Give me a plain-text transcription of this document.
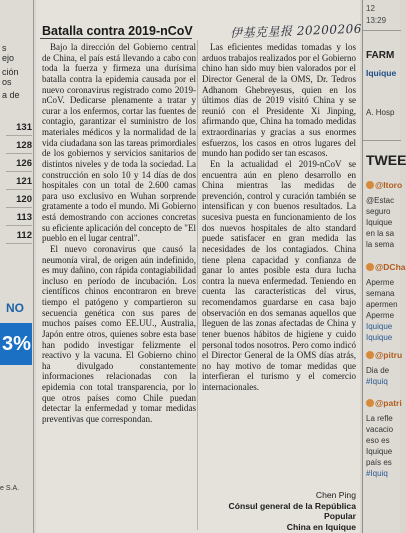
s
ejo
ción
os
a de
131
128
126
121
120
113
112
NO
3%
e S.A.
Batalla contra 2019-nCoV	伊基克星报 20200206

Bajo la dirección del Gobierno central de China, el país está llevando a cabo con toda la fuerza y firmeza una durísima batalla contra la epidemia causada por el nuevo coronavirus registrado como 2019-nCoV. Dedicarse plenamente a tratar y curar a los enfermos, cortar las fuentes de contagio, garantizar el suministro de los materiales médicos y la normalidad de la vida ciudadana son las tareas primordiales de los gobiernos y servicios sanitarios de distintos niveles y de toda la sociedad. La construcción en solo 10 y 14 días de dos hospitales con un total de 2.600 camas para uso exclusivo en Wuhan sorprende gratamente a todo el mundo. Mi Gobierno está demostrando con acciones concretas su eficiente aplicación del concepto de "El pueblo en el lugar central".

El nuevo coronavirus que causó la neumonía viral, de origen aún indefinido, es muy dañino, con rápida contagiabilidad incluso en período de incubación. Los científicos chinos encontraron en breve tiempo el patógeno y compartieron su secuencia genética con sus pares de muchos países como EE.UU., Australia, Japón entre otros, quienes sobre esta base han podido investigar felizmente el reactivo y la vacuna. El Gobierno chino ha divulgado constantemente informaciones relacionadas con la epidemia con total transparencia, por lo que otros países como Chile puedan detectar la enfermedad y tomar medidas preventivas que correspondan.

Las eficientes medidas tomadas y los arduos trabajos realizados por el Gobierno chino han sido muy bien valorados por el Director General de la OMS, Dr. Tedros Adhanom Ghebreyesus, quien en los últimos días de 2019 visitó China y se reunió con el Presidente Xi Jinping, afirmando que, China ha tomado medidas extraordinarias y gracias a sus enormes esfuerzos, los casos en otros lugares del mundo han podido ser tan escasos.

En la actualidad el 2019-nCoV se encuentra aún en pleno desarrollo en China mientras las medidas de prevención, control y curación también se intensifican y con buenos resultados. La sucesiva puesta en funcionamiento de los dos nuevos hospitales de alto standard puede satisfacer en gran medida las necesidades de los contagiados. China tiene plena capacidad y confianza de ganar lo antes posible esta dura lucha contra la nueva enfermedad. Teniendo en cuenta las características del virus, recomendamos guardarse en casa bajo observación en dos semanas aquellos que lleguen de las zonas afectadas de China y tener buenos hábitos de higiene y cuido personal todos nosotros. Pero como indicó el Director General de la OMS días atrás, no hay motivo de tomar medidas que interfieran el turismo y el comercio internacionales.

Chen Ping
Cónsul general de la República Popular
China en Iquique
12
13:29
FARM
Iquique
A. Hosp
TWEE
@Itoro
@Estac
seguro
Iquique
en la sa
la sema
@DCha
Aperme
semana
apermen
Aperme
Iquique
Iquique
@pitru
Dia de
#Iquiq
@patri
La refle
vacacio
eso es
Iquique
país es
#Iquiq
